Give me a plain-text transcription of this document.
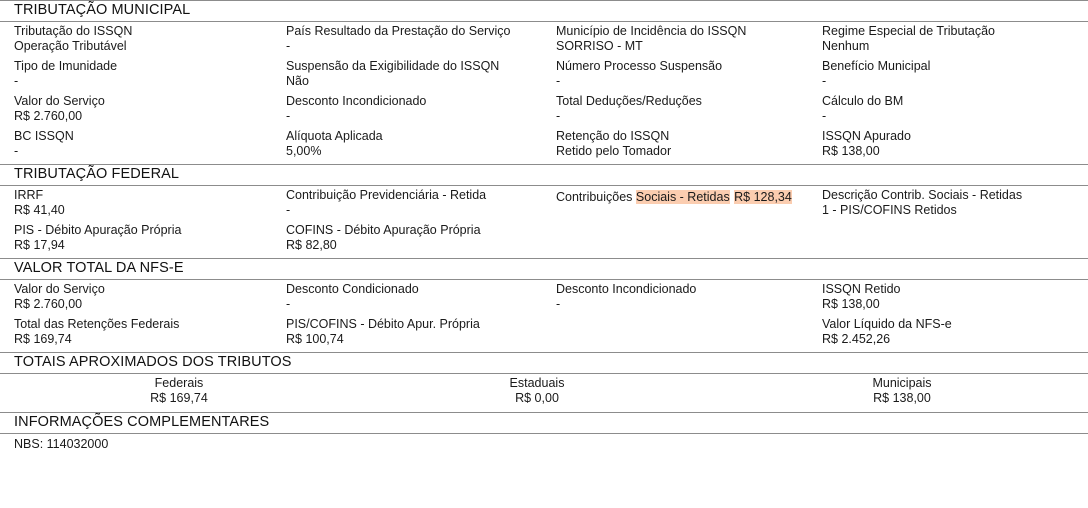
TRIBUTAÇÃO MUNICIPAL
Tributação do ISSQN
Operação Tributável
País Resultado da Prestação do Serviço
-
Município de Incidência do ISSQN
SORRISO - MT
Regime Especial de Tributação
Nenhum
Tipo de Imunidade
-
Suspensão da Exigibilidade do ISSQN
Não
Número Processo Suspensão
-
Benefício Municipal
-
Valor do Serviço
R$ 2.760,00
Desconto Incondicionado
-
Total Deduções/Reduções
-
Cálculo do BM
-
BC ISSQN
-
Alíquota Aplicada
5,00%
Retenção do ISSQN
Retido pelo Tomador
ISSQN Apurado
R$ 138,00
TRIBUTAÇÃO FEDERAL
IRRF
R$ 41,40
Contribuição Previdenciária - Retida
-
Contribuições Sociais - Retidas R$ 128,34	Descrição Contrib. Sociais - Retidas
1 - PIS/COFINS Retidos
PIS - Débito Apuração Própria
R$ 17,94
COFINS - Débito Apuração Própria
R$ 82,80
VALOR TOTAL DA NFS-E
Valor do Serviço
R$ 2.760,00
Desconto Condicionado
-
Desconto Incondicionado
-
ISSQN Retido
R$ 138,00
Total das Retenções Federais
R$ 169,74
PIS/COFINS - Débito Apur. Própria
R$ 100,74
Valor Líquido da NFS-e
R$ 2.452,26
TOTAIS APROXIMADOS DOS TRIBUTOS
Federais
R$ 169,74
Estaduais
R$ 0,00
Municipais
R$ 138,00
INFORMAÇÕES COMPLEMENTARES
NBS: 114032000
